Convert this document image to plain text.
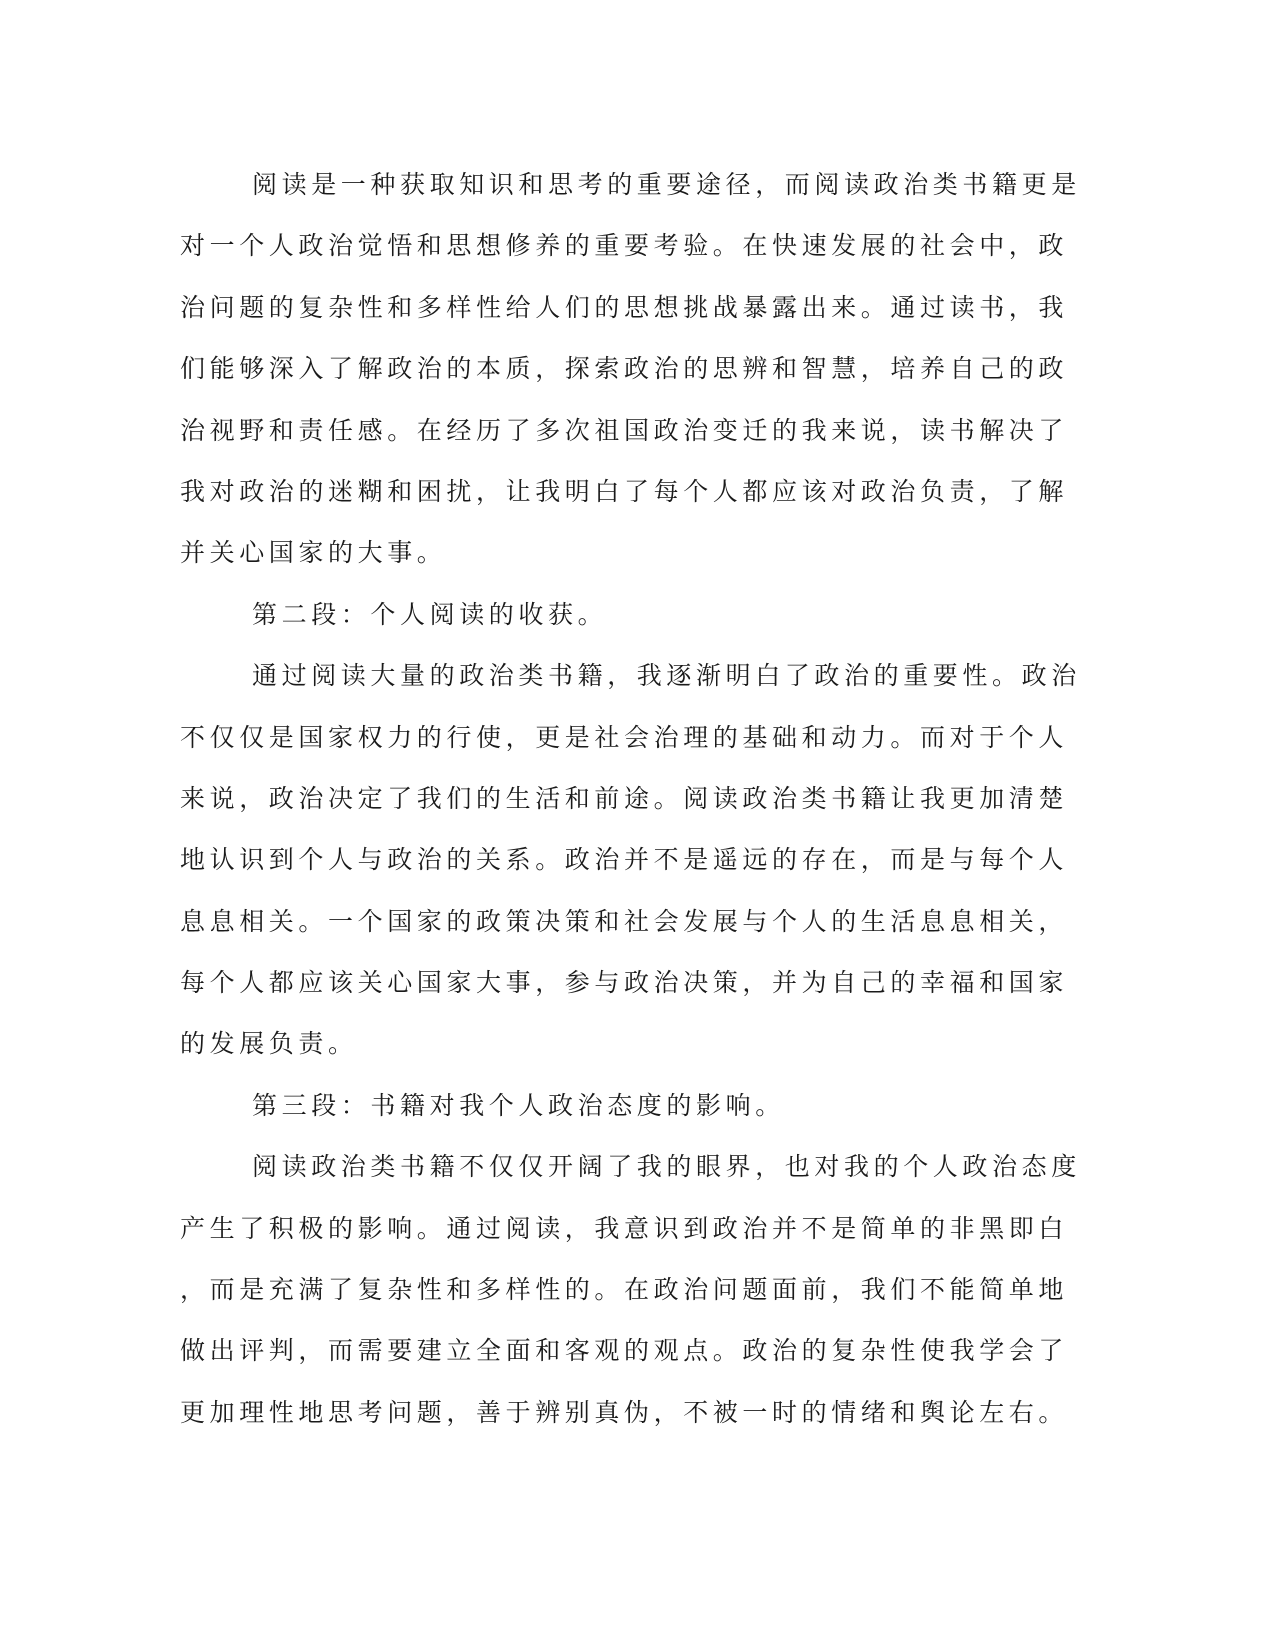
阅读是一种获取知识和思考的重要途径，而阅读政治类书籍更是
对一个人政治觉悟和思想修养的重要考验。在快速发展的社会中，政
治问题的复杂性和多样性给人们的思想挑战暴露出来。通过读书，我
们能够深入了解政治的本质，探索政治的思辨和智慧，培养自己的政
治视野和责任感。在经历了多次祖国政治变迁的我来说，读书解决了
我对政治的迷糊和困扰，让我明白了每个人都应该对政治负责，了解
并关心国家的大事。
第二段：个人阅读的收获。
通过阅读大量的政治类书籍，我逐渐明白了政治的重要性。政治
不仅仅是国家权力的行使，更是社会治理的基础和动力。而对于个人
来说，政治决定了我们的生活和前途。阅读政治类书籍让我更加清楚
地认识到个人与政治的关系。政治并不是遥远的存在，而是与每个人
息息相关。一个国家的政策决策和社会发展与个人的生活息息相关，
每个人都应该关心国家大事，参与政治决策，并为自己的幸福和国家
的发展负责。
第三段：书籍对我个人政治态度的影响。
阅读政治类书籍不仅仅开阔了我的眼界，也对我的个人政治态度
产生了积极的影响。通过阅读，我意识到政治并不是简单的非黑即白
，而是充满了复杂性和多样性的。在政治问题面前，我们不能简单地
做出评判，而需要建立全面和客观的观点。政治的复杂性使我学会了
更加理性地思考问题，善于辨别真伪，不被一时的情绪和舆论左右。
